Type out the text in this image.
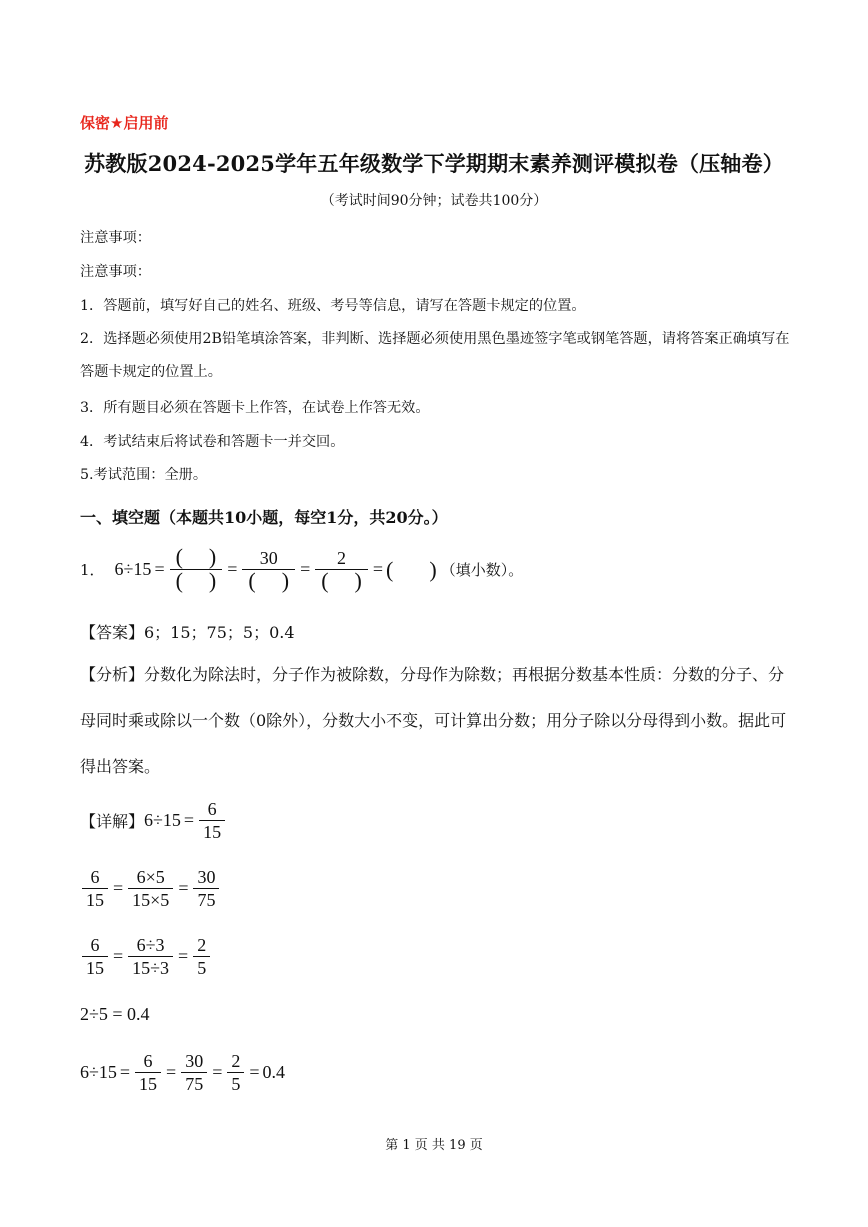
保密★启用前
苏教版2024-2025学年五年级数学下学期期末素养测评模拟卷（压轴卷）
（考试时间90分钟；试卷共100分）
注意事项：
注意事项：
1．答题前，填写好自己的姓名、班级、考号等信息，请写在答题卡规定的位置。
2．选择题必须使用2B铅笔填涂答案，非判断、选择题必须使用黑色墨迹签字笔或钢笔答题，请将答案正确填写在答题卡规定的位置上。
3．所有题目必须在答题卡上作答，在试卷上作答无效。
4．考试结束后将试卷和答题卡一并交回。
5.考试范围：全册。
一、填空题（本题共10小题，每空1分，共20分。）
1． $6\div 15 = \frac{( )}{( )} = \frac{30}{( )} = \frac{2}{( )}$ = ( ) （填小数）。
【答案】6；15；75；5；0.4
【分析】分数化为除法时，分子作为被除数，分母作为除数；再根据分数基本性质：分数的分子、分母同时乘或除以一个数（0除外），分数大小不变，可计算出分数；用分子除以分母得到小数。据此可得出答案。
【详解】 $6\div 15 = \frac{6}{15}$
$\frac{6}{15} = \frac{6\times 5}{15\times 5} = \frac{30}{75}$
$\frac{6}{15} = \frac{6\div 3}{15\div 3} = \frac{2}{5}$
2÷5 = 0.4
$6\div 15 = \frac{6}{15} = \frac{30}{75} = \frac{2}{5} = 0.4$
第 1 页 共 19 页
